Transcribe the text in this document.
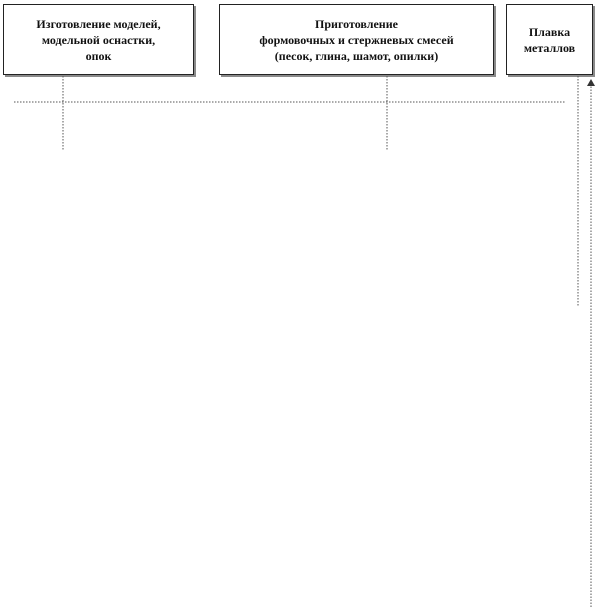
Изготовление моделей,
модельной оснастки,
опок
Приготовление
формовочных и стержневых смесей
(песок, глина, шамот, опилки)
Плавка
металлов
